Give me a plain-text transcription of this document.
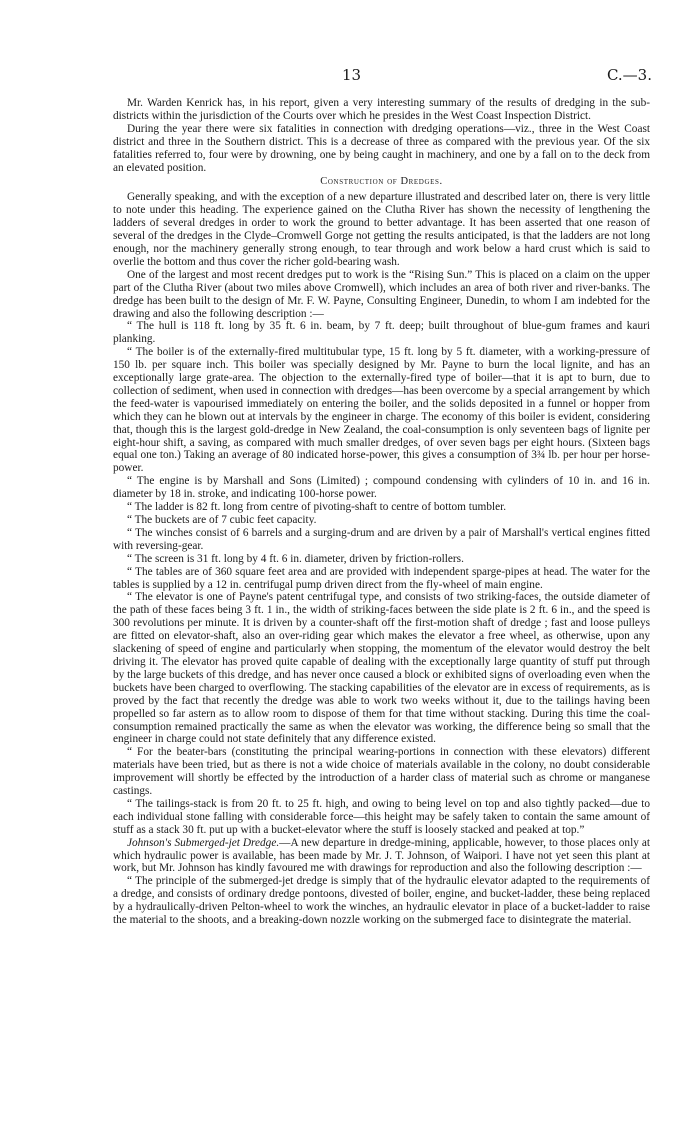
13	C.—3.

Mr. Warden Kenrick has, in his report, given a very interesting summary of the results of dredging in the sub-districts within the jurisdiction of the Courts over which he presides in the West Coast Inspection District.

During the year there were six fatalities in connection with dredging operations—viz., three in the West Coast district and three in the Southern district. This is a decrease of three as compared with the previous year. Of the six fatalities referred to, four were by drowning, one by being caught in machinery, and one by a fall on to the deck from an elevated position.

Construction of Dredges.

Generally speaking, and with the exception of a new departure illustrated and described later on, there is very little to note under this heading. The experience gained on the Clutha River has shown the necessity of lengthening the ladders of several dredges in order to work the ground to better advantage. It has been asserted that one reason of several of the dredges in the Clyde–Cromwell Gorge not getting the results anticipated, is that the ladders are not long enough, nor the machinery generally strong enough, to tear through and work below a hard crust which is said to overlie the bottom and thus cover the richer gold-bearing wash.

One of the largest and most recent dredges put to work is the “Rising Sun.” This is placed on a claim on the upper part of the Clutha River (about two miles above Cromwell), which includes an area of both river and river-banks. The dredge has been built to the design of Mr. F. W. Payne, Consulting Engineer, Dunedin, to whom I am indebted for the drawing and also the following description :—

“ The hull is 118 ft. long by 35 ft. 6 in. beam, by 7 ft. deep; built throughout of blue-gum frames and kauri planking.

“ The boiler is of the externally-fired multitubular type, 15 ft. long by 5 ft. diameter, with a working-pressure of 150 lb. per square inch. This boiler was specially designed by Mr. Payne to burn the local lignite, and has an exceptionally large grate-area. The objection to the externally-fired type of boiler—that it is apt to burn, due to collection of sediment, when used in connection with dredges—has been overcome by a special arrangement by which the feed-water is vapourised immediately on entering the boiler, and the solids deposited in a funnel or hopper from which they can he blown out at intervals by the engineer in charge. The economy of this boiler is evident, considering that, though this is the largest gold-dredge in New Zealand, the coal-consumption is only seventeen bags of lignite per eight-hour shift, a saving, as compared with much smaller dredges, of over seven bags per eight hours. (Sixteen bags equal one ton.) Taking an average of 80 indicated horse-power, this gives a consumption of 3¾ lb. per hour per horse-power.

“ The engine is by Marshall and Sons (Limited) ; compound condensing with cylinders of 10 in. and 16 in. diameter by 18 in. stroke, and indicating 100-horse power.

“ The ladder is 82 ft. long from centre of pivoting-shaft to centre of bottom tumbler.

“ The buckets are of 7 cubic feet capacity.

“ The winches consist of 6 barrels and a surging-drum and are driven by a pair of Marshall's vertical engines fitted with reversing-gear.

“ The screen is 31 ft. long by 4 ft. 6 in. diameter, driven by friction-rollers.

“ The tables are of 360 square feet area and are provided with independent sparge-pipes at head. The water for the tables is supplied by a 12 in. centrifugal pump driven direct from the fly-wheel of main engine.

“ The elevator is one of Payne's patent centrifugal type, and consists of two striking-faces, the outside diameter of the path of these faces being 3 ft. 1 in., the width of striking-faces between the side plate is 2 ft. 6 in., and the speed is 300 revolutions per minute. It is driven by a counter-shaft off the first-motion shaft of dredge ; fast and loose pulleys are fitted on elevator-shaft, also an over-riding gear which makes the elevator a free wheel, as otherwise, upon any slackening of speed of engine and particularly when stopping, the momentum of the elevator would destroy the belt driving it. The elevator has proved quite capable of dealing with the exceptionally large quantity of stuff put through by the large buckets of this dredge, and has never once caused a block or exhibited signs of overloading even when the buckets have been charged to overflowing. The stacking capabilities of the elevator are in excess of requirements, as is proved by the fact that recently the dredge was able to work two weeks without it, due to the tailings having been propelled so far astern as to allow room to dispose of them for that time without stacking. During this time the coal-consumption remained practically the same as when the elevator was working, the difference being so small that the engineer in charge could not state definitely that any difference existed.

“ For the beater-bars (constituting the principal wearing-portions in connection with these elevators) different materials have been tried, but as there is not a wide choice of materials available in the colony, no doubt considerable improvement will shortly be effected by the introduction of a harder class of material such as chrome or manganese castings.

“ The tailings-stack is from 20 ft. to 25 ft. high, and owing to being level on top and also tightly packed—due to each individual stone falling with considerable force—this height may be safely taken to contain the same amount of stuff as a stack 30 ft. put up with a bucket-elevator where the stuff is loosely stacked and peaked at top.”

Johnson's Submerged-jet Dredge.—A new departure in dredge-mining, applicable, however, to those places only at which hydraulic power is available, has been made by Mr. J. T. Johnson, of Waipori. I have not yet seen this plant at work, but Mr. Johnson has kindly favoured me with drawings for reproduction and also the following description :—

“ The principle of the submerged-jet dredge is simply that of the hydraulic elevator adapted to the requirements of a dredge, and consists of ordinary dredge pontoons, divested of boiler, engine, and bucket-ladder, these being replaced by a hydraulically-driven Pelton-wheel to work the winches, an hydraulic elevator in place of a bucket-ladder to raise the material to the shoots, and a breaking-down nozzle working on the submerged face to disintegrate the material.
